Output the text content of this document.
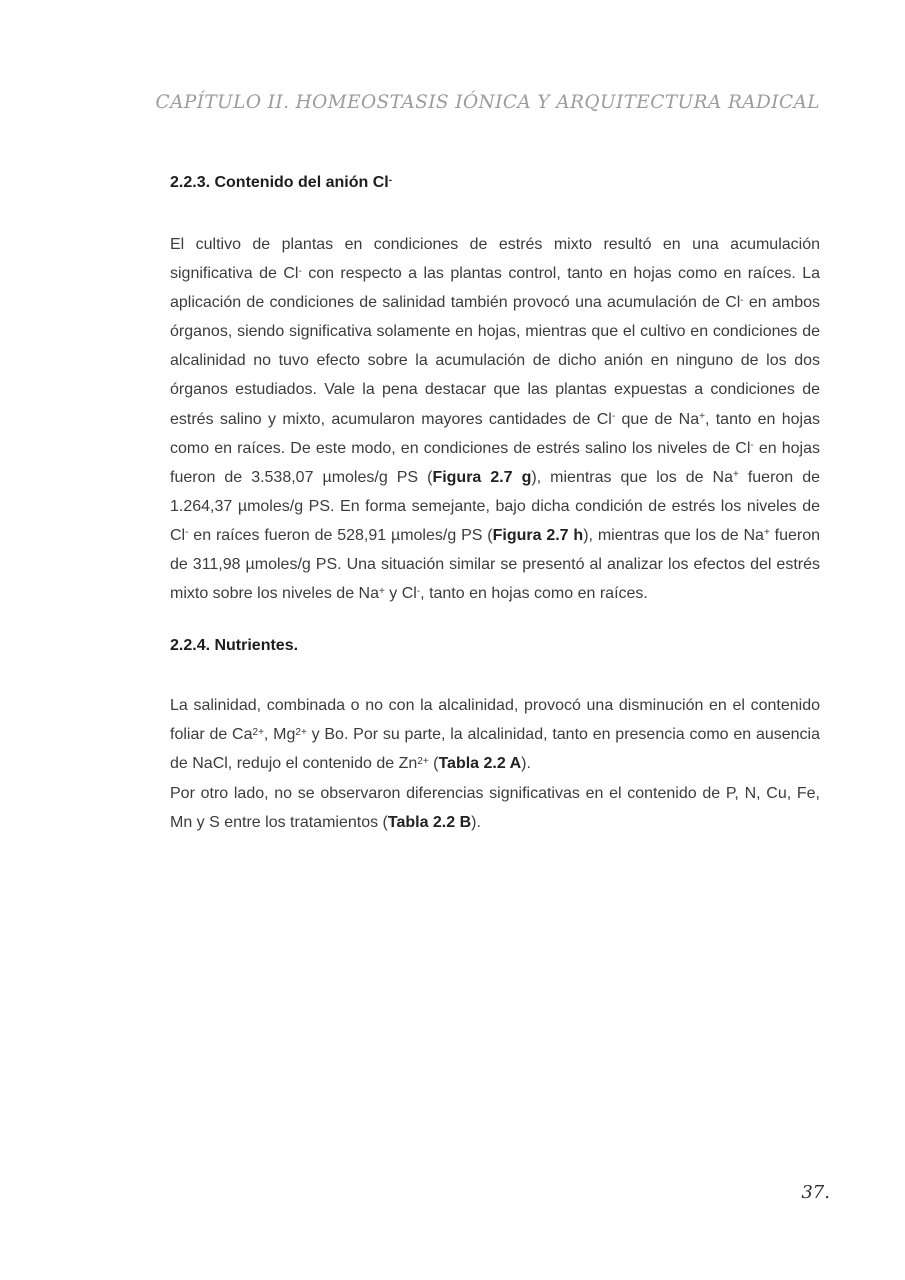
CAPÍTULO II. HOMEOSTASIS IÓNICA Y ARQUITECTURA RADICAL
2.2.3. Contenido del anión Cl-

El cultivo de plantas en condiciones de estrés mixto resultó en una acumulación significativa de Cl- con respecto a las plantas control, tanto en hojas como en raíces. La aplicación de condiciones de salinidad también provocó una acumulación de Cl- en ambos órganos, siendo significativa solamente en hojas, mientras que el cultivo en condiciones de alcalinidad no tuvo efecto sobre la acumulación de dicho anión en ninguno de los dos órganos estudiados. Vale la pena destacar que las plantas expuestas a condiciones de estrés salino y mixto, acumularon mayores cantidades de Cl- que de Na+, tanto en hojas como en raíces. De este modo, en condiciones de estrés salino los niveles de Cl- en hojas fueron de 3.538,07 µmoles/g PS (Figura 2.7 g), mientras que los de Na+ fueron de 1.264,37 µmoles/g PS. En forma semejante, bajo dicha condición de estrés los niveles de Cl- en raíces fueron de 528,91 µmoles/g PS (Figura 2.7 h), mientras que los de Na+ fueron de 311,98 µmoles/g PS. Una situación similar se presentó al analizar los efectos del estrés mixto sobre los niveles de Na+ y Cl-, tanto en hojas como en raíces.

2.2.4. Nutrientes.

La salinidad, combinada o no con la alcalinidad, provocó una disminución en el contenido foliar de $Ca^{2+}$, $Mg^{2+}$ y Bo. Por su parte, la alcalinidad, tanto en presencia como en ausencia de NaCl, redujo el contenido de $Zn^{2+}$ (Tabla 2.2 A).

Por otro lado, no se observaron diferencias significativas en el contenido de P, N, Cu, Fe, Mn y S entre los tratamientos (Tabla 2.2 B).

37.
